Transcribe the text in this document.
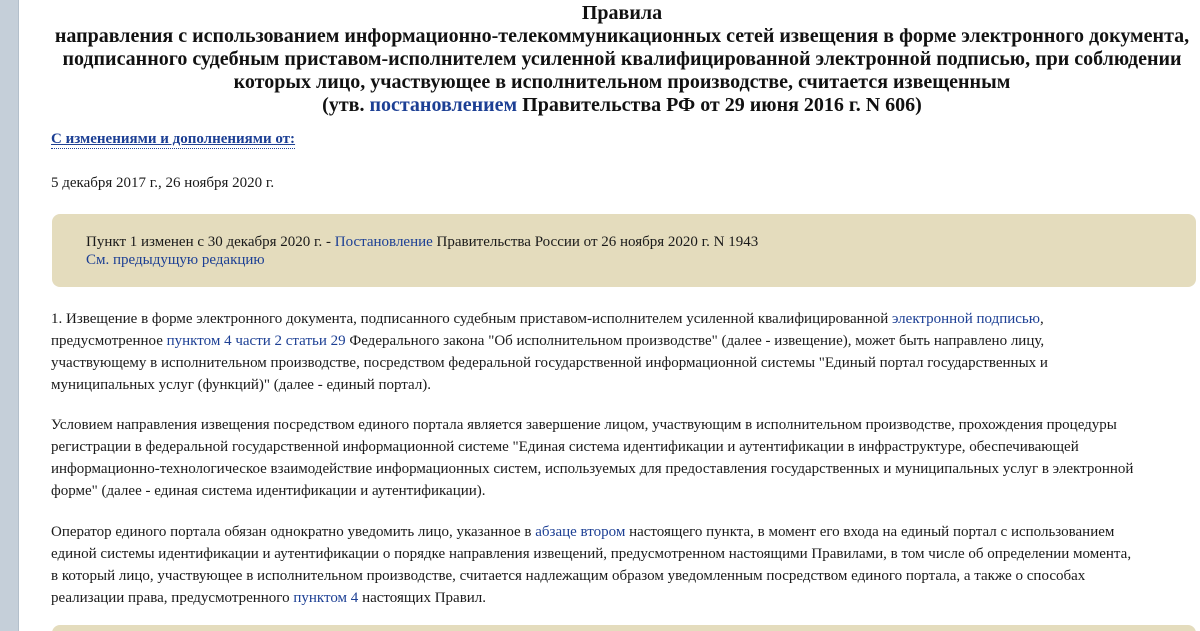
Правила
направления с использованием информационно-телекоммуникационных сетей извещения в форме электронного документа,
подписанного судебным приставом-исполнителем усиленной квалифицированной электронной подписью, при соблюдении
которых лицо, участвующее в исполнительном производстве, считается извещенным
(утв. постановлением Правительства РФ от 29 июня 2016 г. N 606)
С изменениями и дополнениями от:
5 декабря 2017 г., 26 ноября 2020 г.
Пункт 1 изменен с 30 декабря 2020 г. - Постановление Правительства России от 26 ноября 2020 г. N 1943
См. предыдущую редакцию
1. Извещение в форме электронного документа, подписанного судебным приставом-исполнителем усиленной квалифицированной электронной подписью,
предусмотренное пунктом 4 части 2 статьи 29 Федерального закона "Об исполнительном производстве" (далее - извещение), может быть направлено лицу,
участвующему в исполнительном производстве, посредством федеральной государственной информационной системы "Единый портал государственных и
муниципальных услуг (функций)" (далее - единый портал).
Условием направления извещения посредством единого портала является завершение лицом, участвующим в исполнительном производстве, прохождения процедуры
регистрации в федеральной государственной информационной системе "Единая система идентификации и аутентификации в инфраструктуре, обеспечивающей
информационно-технологическое взаимодействие информационных систем, используемых для предоставления государственных и муниципальных услуг в электронной
форме" (далее - единая система идентификации и аутентификации).
Оператор единого портала обязан однократно уведомить лицо, указанное в абзаце втором настоящего пункта, в момент его входа на единый портал с использованием
единой системы идентификации и аутентификации о порядке направления извещений, предусмотренном настоящими Правилами, в том числе об определении момента,
в который лицо, участвующее в исполнительном производстве, считается надлежащим образом уведомленным посредством единого портала, а также о способах
реализации права, предусмотренного пунктом 4 настоящих Правил.
